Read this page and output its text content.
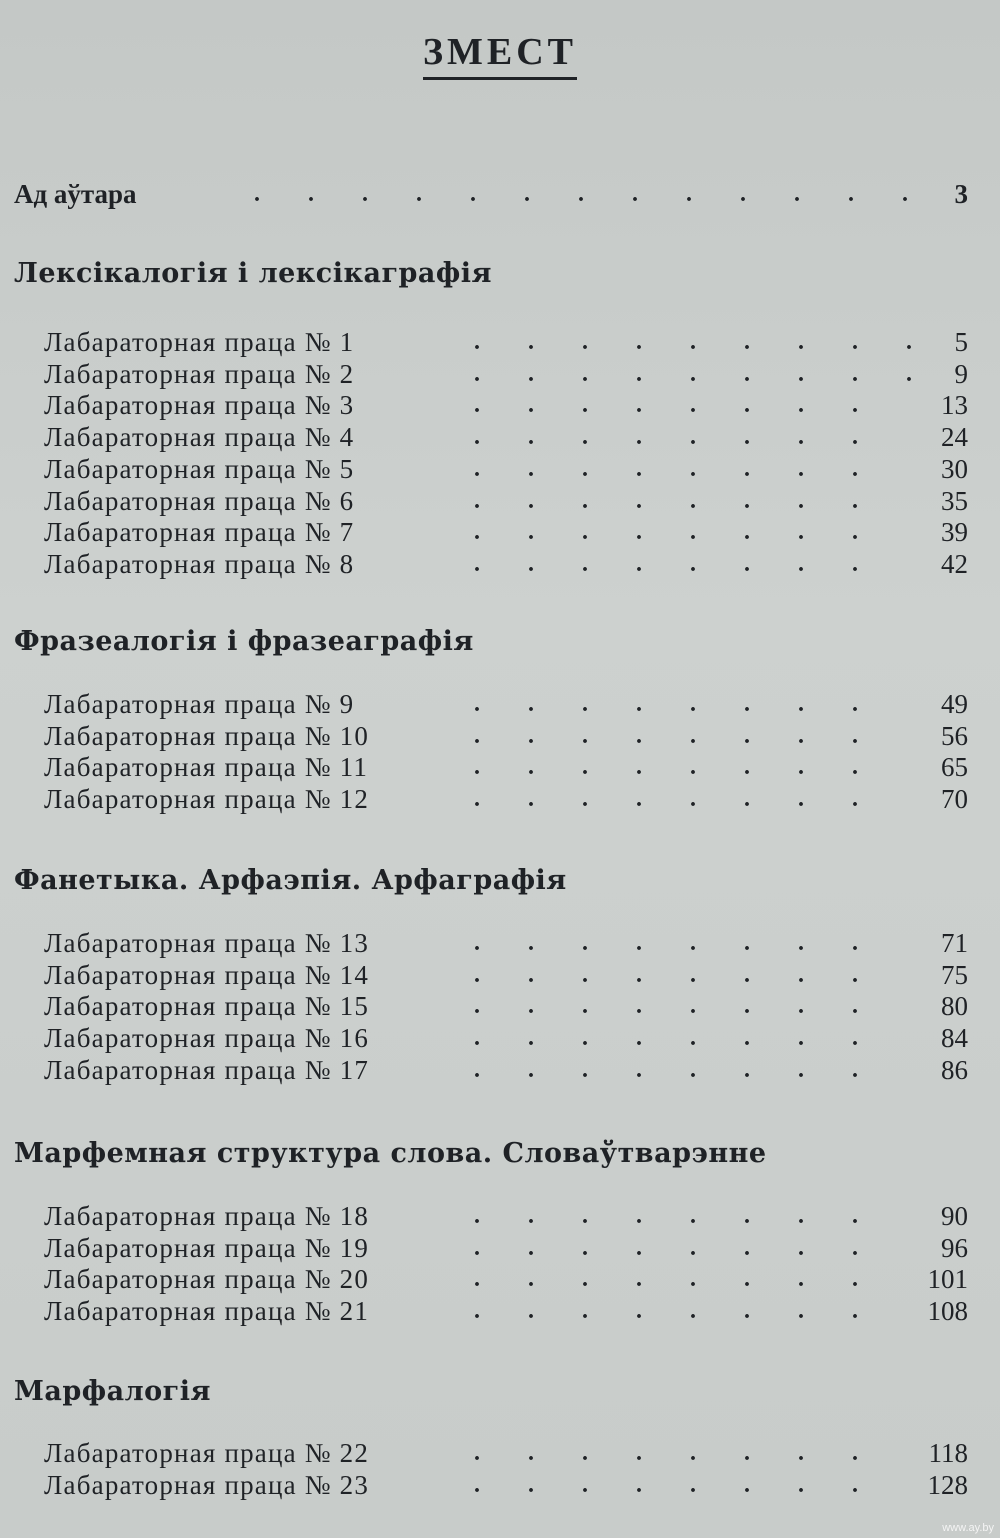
ЗМЕСТ
Ад аўтара	. . . . . . . . . . . . . 3
Лексікалогія і лексікаграфія
Лабараторная праца № 1	. . . . . . . . . 5
Лабараторная праца № 2	. . . . . . . . . 9
Лабараторная праца № 3	. . . . . . . . 13
Лабараторная праца № 4	. . . . . . . . 24
Лабараторная праца № 5	. . . . . . . . 30
Лабараторная праца № 6	. . . . . . . . 35
Лабараторная праца № 7	. . . . . . . . 39
Лабараторная праца № 8	. . . . . . . . 42
Фразеалогія і фразеаграфія
Лабараторная праца № 9	. . . . . . . . 49
Лабараторная праца № 10	. . . . . . . . 56
Лабараторная праца № 11	. . . . . . . . 65
Лабараторная праца № 12	. . . . . . . . 70
Фанетыка. Арфаэпія. Арфаграфія
Лабараторная праца № 13	. . . . . . . . 71
Лабараторная праца № 14	. . . . . . . . 75
Лабараторная праца № 15	. . . . . . . . 80
Лабараторная праца № 16	. . . . . . . . 84
Лабараторная праца № 17	. . . . . . . . 86
Марфемная структура слова. Словаўтварэнне
Лабараторная праца № 18	. . . . . . . . 90
Лабараторная праца № 19	. . . . . . . . 96
Лабараторная праца № 20	. . . . . . . . 101
Лабараторная праца № 21	. . . . . . . . 108
Марфалогія
Лабараторная праца № 22	. . . . . . . . 118
Лабараторная праца № 23	. . . . . . . . 128
www.ay.by
